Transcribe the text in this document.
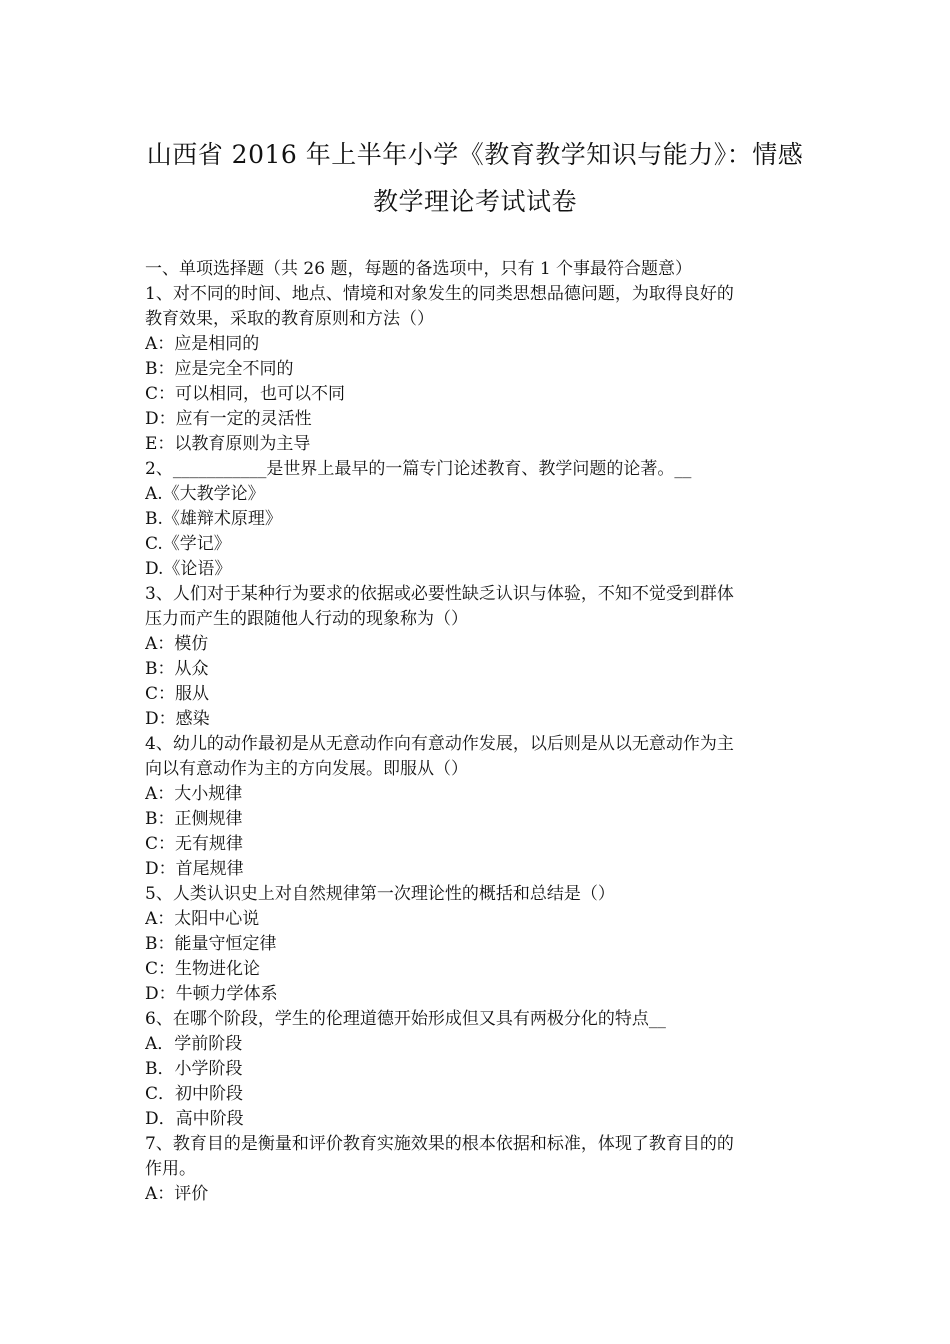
山西省 2016 年上半年小学《教育教学知识与能力》：情感
教学理论考试试卷
一、单项选择题（共 26 题，每题的备选项中，只有 1 个事最符合题意）
1、对不同的时间、地点、情境和对象发生的同类思想品德问题，为取得良好的
教育效果，采取的教育原则和方法（）
A：应是相同的
B：应是完全不同的
C：可以相同，也可以不同
D：应有一定的灵活性
E：以教育原则为主导
2、___________是世界上最早的一篇专门论述教育、教学问题的论著。__
A.《大教学论》
B.《雄辩术原理》
C.《学记》
D.《论语》
3、人们对于某种行为要求的依据或必要性缺乏认识与体验，不知不觉受到群体
压力而产生的跟随他人行动的现象称为（）
A：模仿
B：从众
C：服从
D：感染
4、幼儿的动作最初是从无意动作向有意动作发展，以后则是从以无意动作为主
向以有意动作为主的方向发展。即服从（）
A：大小规律
B：正侧规律
C：无有规律
D：首尾规律
5、人类认识史上对自然规律第一次理论性的概括和总结是（）
A：太阳中心说
B：能量守恒定律
C：生物进化论
D：牛顿力学体系
6、在哪个阶段，学生的伦理道德开始形成但又具有两极分化的特点__
A．学前阶段
B．小学阶段
C．初中阶段
D．高中阶段
7、教育目的是衡量和评价教育实施效果的根本依据和标准，体现了教育目的的
作用。
A：评价
